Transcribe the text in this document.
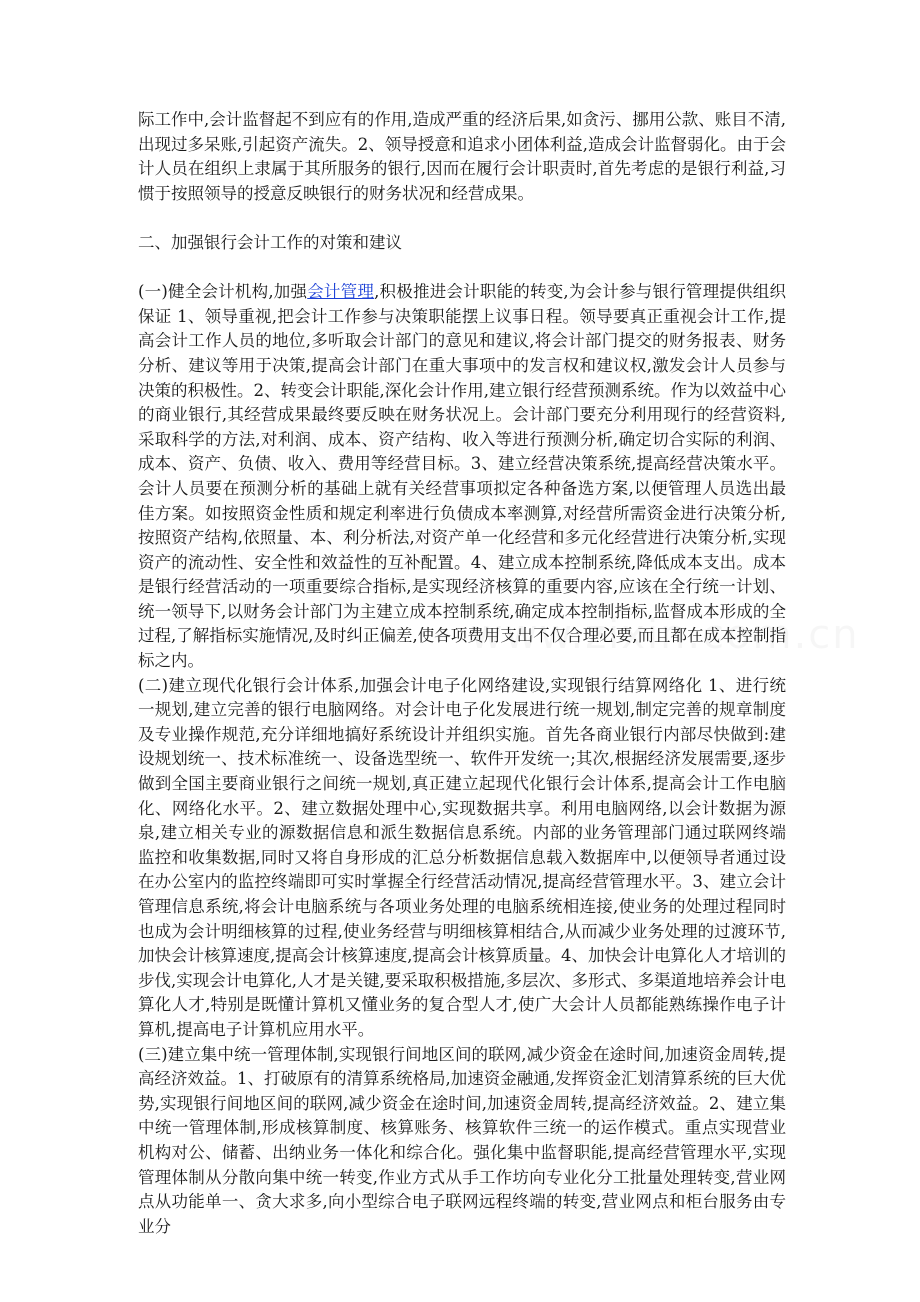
际工作中,会计监督起不到应有的作用,造成严重的经济后果,如贪污、挪用公款、账目不清,出现过多呆账,引起资产流失。2、领导授意和追求小团体利益,造成会计监督弱化。由于会计人员在组织上隶属于其所服务的银行,因而在履行会计职责时,首先考虑的是银行利益,习惯于按照领导的授意反映银行的财务状况和经营成果。

二、加强银行会计工作的对策和建议

(一)健全会计机构,加强会计管理,积极推进会计职能的转变,为会计参与银行管理提供组织保证 1、领导重视,把会计工作参与决策职能摆上议事日程。领导要真正重视会计工作,提高会计工作人员的地位,多听取会计部门的意见和建议,将会计部门提交的财务报表、财务分析、建议等用于决策,提高会计部门在重大事项中的发言权和建议权,激发会计人员参与决策的积极性。2、转变会计职能,深化会计作用,建立银行经营预测系统。作为以效益中心的商业银行,其经营成果最终要反映在财务状况上。会计部门要充分利用现行的经营资料,采取科学的方法,对利润、成本、资产结构、收入等进行预测分析,确定切合实际的利润、成本、资产、负债、收入、费用等经营目标。3、建立经营决策系统,提高经营决策水平。会计人员要在预测分析的基础上就有关经营事项拟定各种备选方案,以便管理人员选出最佳方案。如按照资金性质和规定利率进行负债成本率测算,对经营所需资金进行决策分析,按照资产结构,依照量、本、利分析法,对资产单一化经营和多元化经营进行决策分析,实现资产的流动性、安全性和效益性的互补配置。4、建立成本控制系统,降低成本支出。成本是银行经营活动的一项重要综合指标,是实现经济核算的重要内容,应该在全行统一计划、统一领导下,以财务会计部门为主建立成本控制系统,确定成本控制指标,监督成本形成的全过程,了解指标实施情况,及时纠正偏差,使各项费用支出不仅合理必要,而且都在成本控制指标之内。

(二)建立现代化银行会计体系,加强会计电子化网络建设,实现银行结算网络化 1、进行统一规划,建立完善的银行电脑网络。对会计电子化发展进行统一规划,制定完善的规章制度及专业操作规范,充分详细地搞好系统设计并组织实施。首先各商业银行内部尽快做到:建设规划统一、技术标准统一、设备选型统一、软件开发统一;其次,根据经济发展需要,逐步做到全国主要商业银行之间统一规划,真正建立起现代化银行会计体系,提高会计工作电脑化、网络化水平。2、建立数据处理中心,实现数据共享。利用电脑网络,以会计数据为源泉,建立相关专业的源数据信息和派生数据信息系统。内部的业务管理部门通过联网终端监控和收集数据,同时又将自身形成的汇总分析数据信息载入数据库中,以便领导者通过设在办公室内的监控终端即可实时掌握全行经营活动情况,提高经营管理水平。3、建立会计管理信息系统,将会计电脑系统与各项业务处理的电脑系统相连接,使业务的处理过程同时也成为会计明细核算的过程,使业务经营与明细核算相结合,从而减少业务处理的过渡环节,加快会计核算速度,提高会计核算速度,提高会计核算质量。4、加快会计电算化人才培训的步伐,实现会计电算化,人才是关键,要采取积极措施,多层次、多形式、多渠道地培养会计电算化人才,特别是既懂计算机又懂业务的复合型人才,使广大会计人员都能熟练操作电子计算机,提高电子计算机应用水平。

(三)建立集中统一管理体制,实现银行间地区间的联网,减少资金在途时间,加速资金周转,提高经济效益。1、打破原有的清算系统格局,加速资金融通,发挥资金汇划清算系统的巨大优势,实现银行间地区间的联网,减少资金在途时间,加速资金周转,提高经济效益。2、建立集中统一管理体制,形成核算制度、核算账务、核算软件三统一的运作模式。重点实现营业机构对公、储蓄、出纳业务一体化和综合化。强化集中监督职能,提高经营管理水平,实现管理体制从分散向集中统一转变,作业方式从手工作坊向专业化分工批量处理转变,营业网点从功能单一、贪大求多,向小型综合电子联网远程终端的转变,营业网点和柜台服务由专业分
